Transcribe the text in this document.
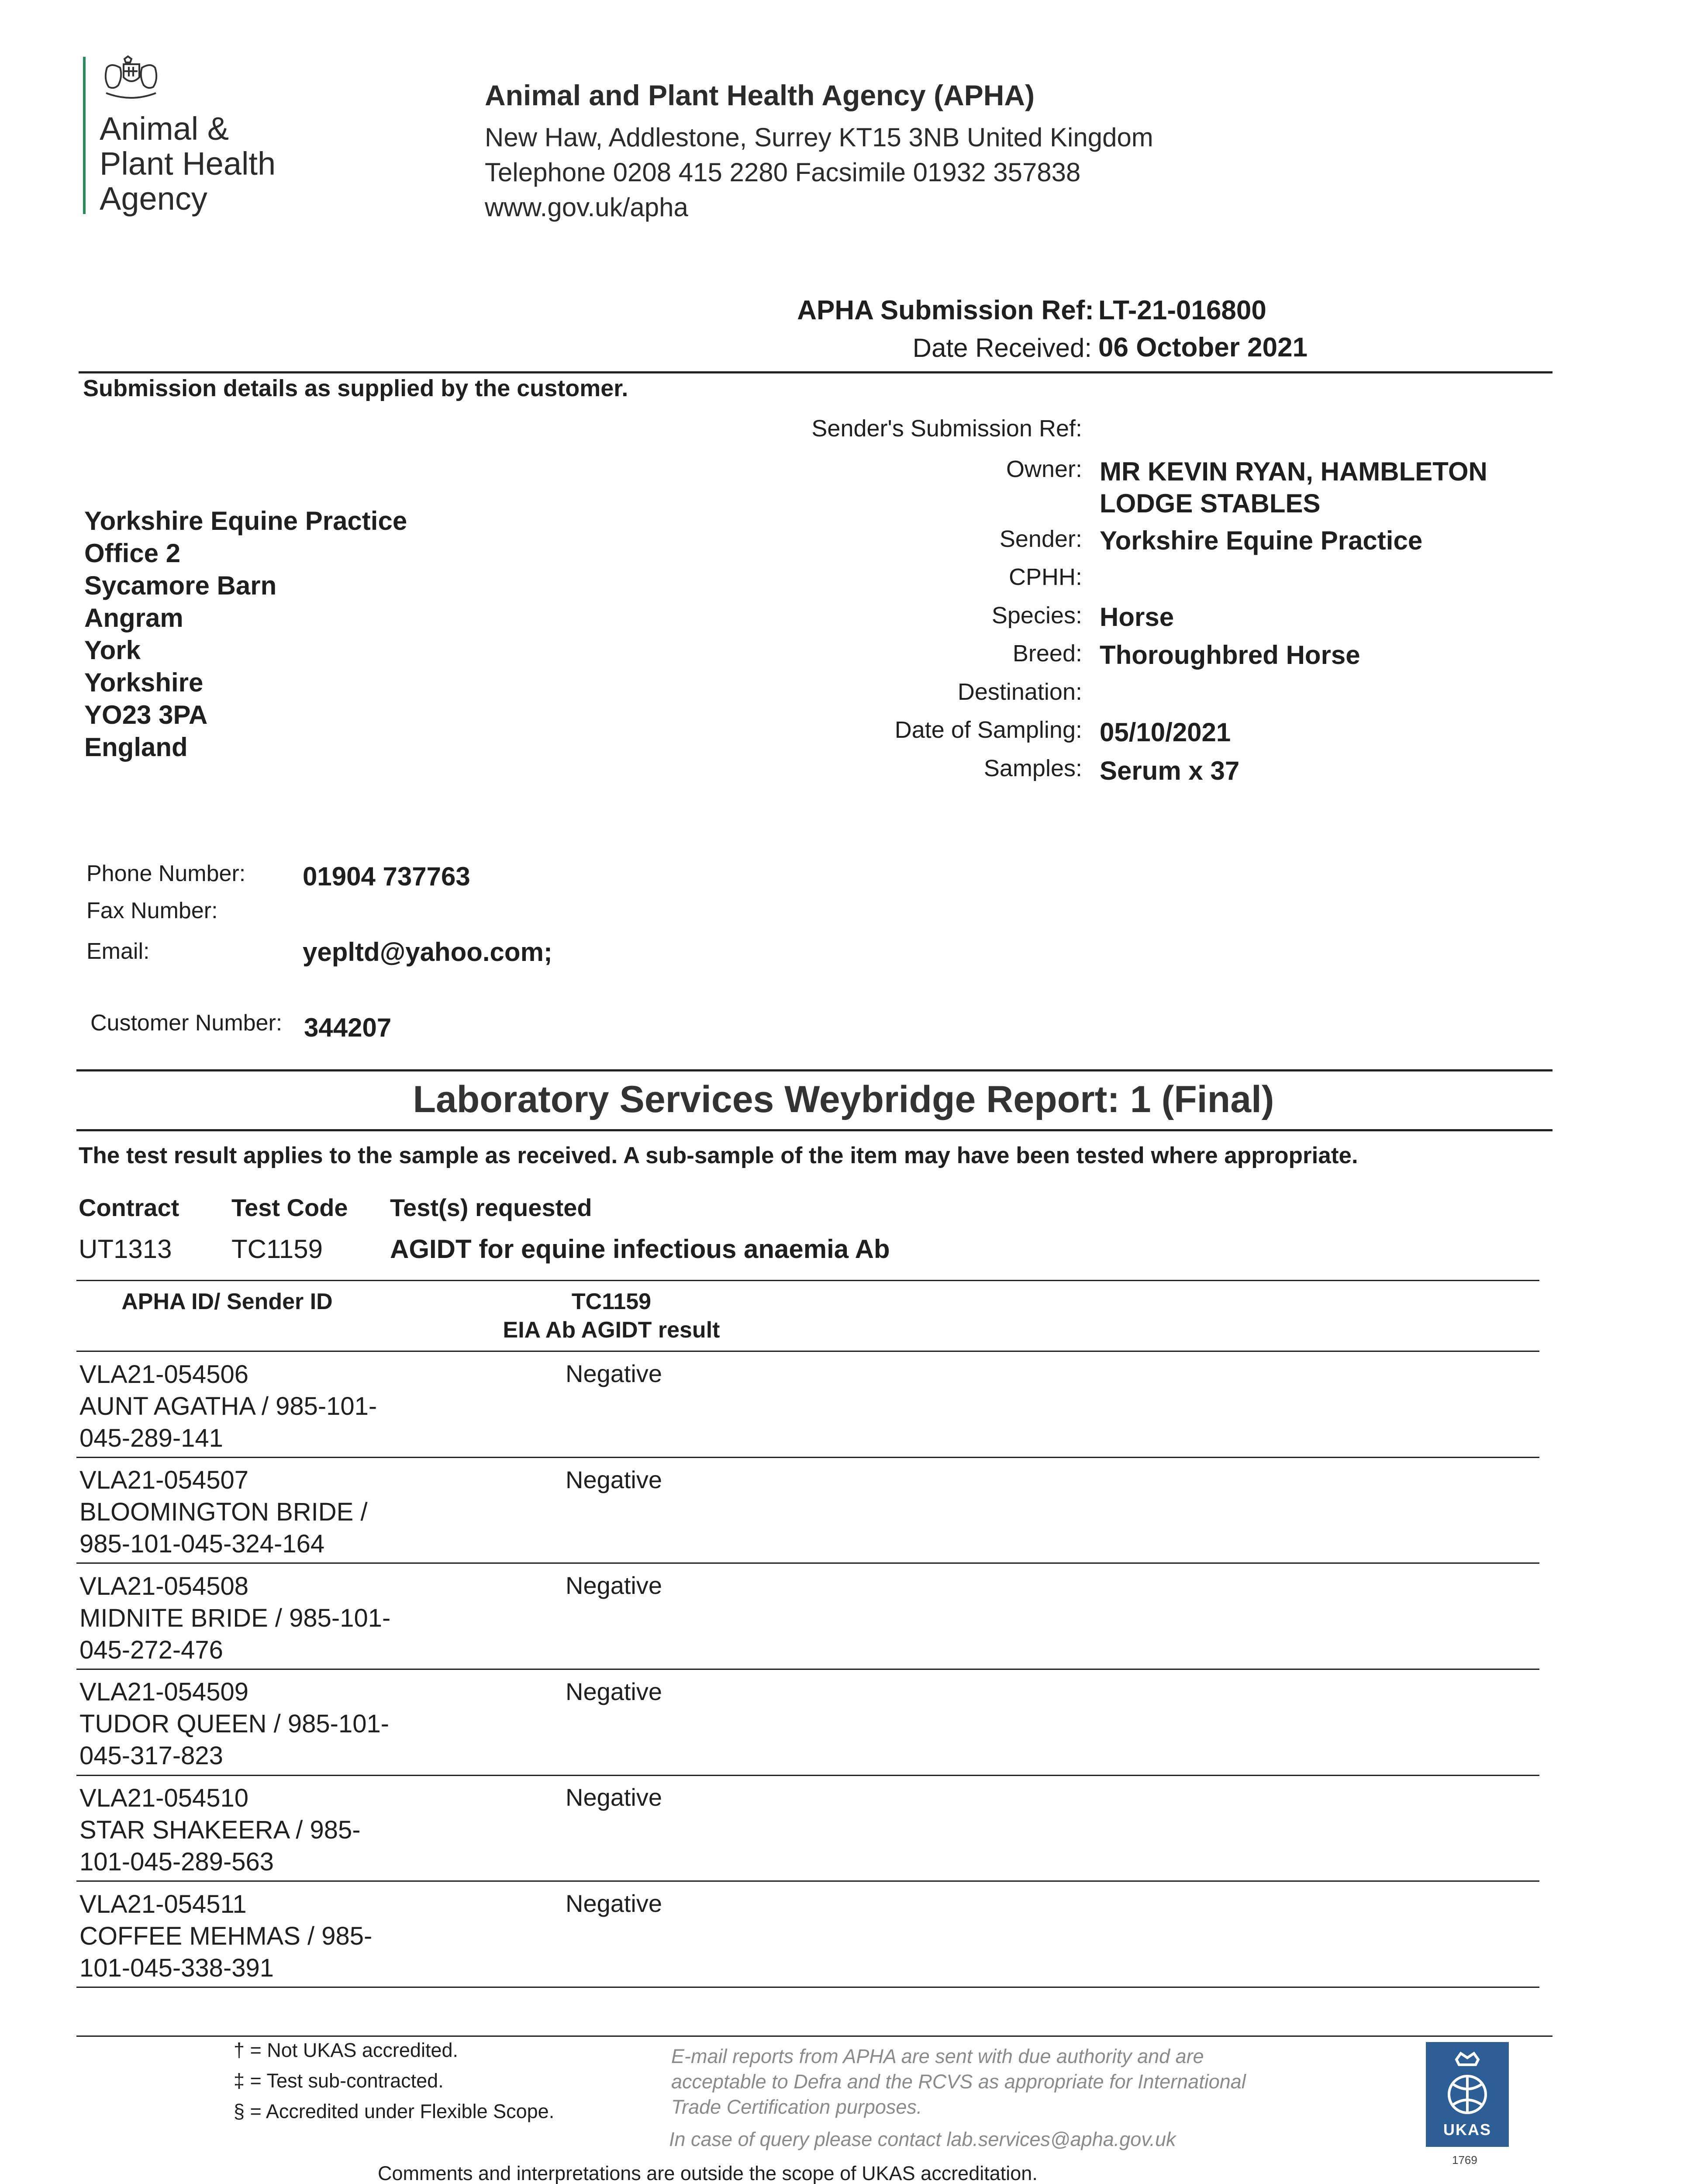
Animal &
Plant Health
Agency
Animal and Plant Health Agency (APHA)
New Haw, Addlestone, Surrey KT15 3NB United Kingdom
Telephone 0208 415 2280 Facsimile 01932 357838
www.gov.uk/apha
APHA Submission Ref: LT-21-016800
Date Received: 06 October 2021
Submission details as supplied by the customer.
Yorkshire Equine Practice
Office 2
Sycamore Barn
Angram
York
Yorkshire
YO23 3PA
England
Sender's Submission Ref:
Owner: MR KEVIN RYAN, HAMBLETON
LODGE STABLES
Sender: Yorkshire Equine Practice
CPHH:
Species: Horse
Breed: Thoroughbred Horse
Destination:
Date of Sampling: 05/10/2021
Samples: Serum x 37
Phone Number: 01904 737763
Fax Number:
Email:	yepltd@yahoo.com;
Customer Number: 344207
Laboratory Services Weybridge Report: 1 (Final)
The test result applies to the sample as received. A sub-sample of the item may have been tested where appropriate.
Contract Test Code Test(s) requested
UT1313 TC1159	AGIDT for equine infectious anaemia Ab
APHA ID/ Sender ID	TC1159
EIA Ab AGIDT result
VLA21-054506
AUNT AGATHA / 985-101-
045-289-141
Negative
VLA21-054507
BLOOMINGTON BRIDE /
985-101-045-324-164
Negative
VLA21-054508
MIDNITE BRIDE / 985-101-
045-272-476
Negative
VLA21-054509
TUDOR QUEEN / 985-101-
045-317-823
Negative
VLA21-054510
STAR SHAKEERA / 985-
101-045-289-563
Negative
VLA21-054511
COFFEE MEHMAS / 985-
101-045-338-391
Negative
† = Not UKAS accredited.
‡ = Test sub-contracted.
§ = Accredited under Flexible Scope.
E-mail reports from APHA are sent with due authority and are
acceptable to Defra and the RCVS as appropriate for International
Trade Certification purposes.
In case of query please contact lab.services@apha.gov.uk	UKAS
1769
Comments and interpretations are outside the scope of UKAS accreditation.
